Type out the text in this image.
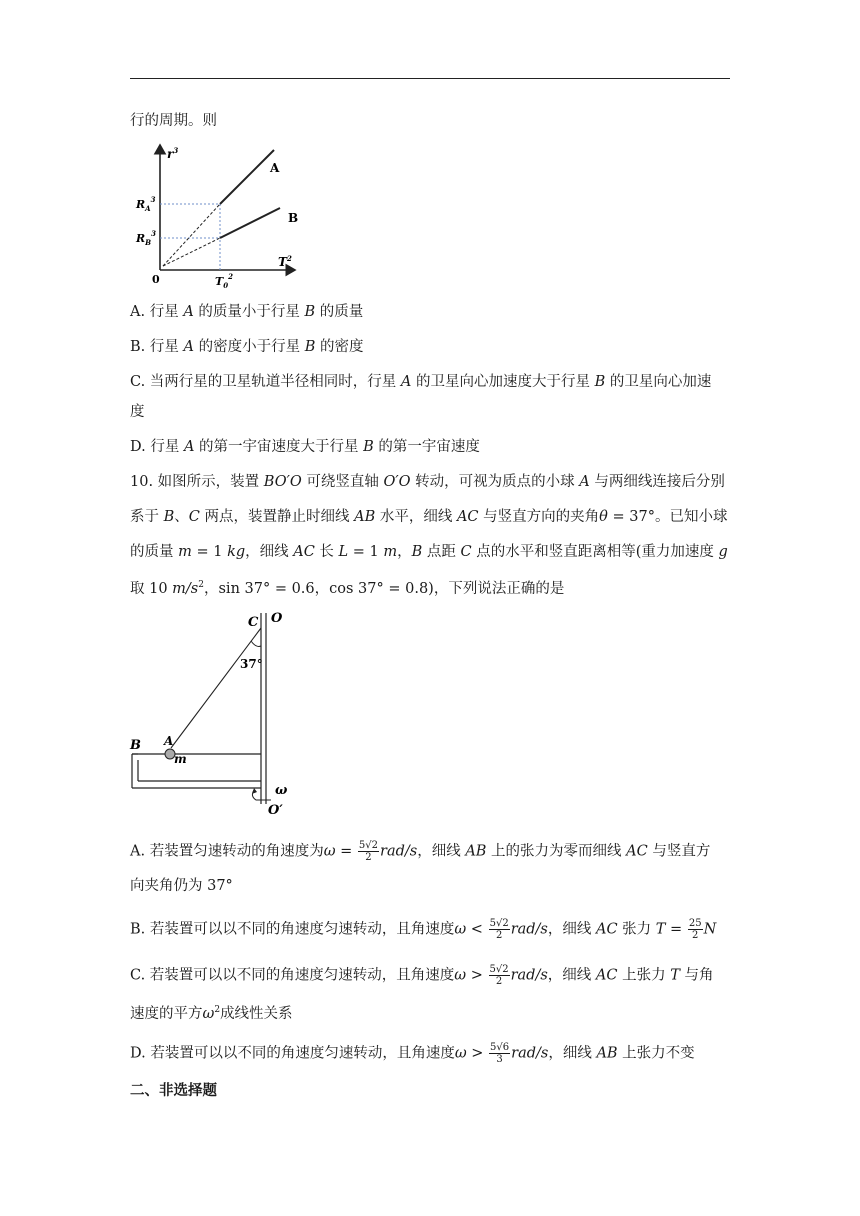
行的周期。则
$r^3$
$T^2$
0
$R_A^3$
$R_B^3$
$T_0^2$
A
B
A. 行星 A 的质量小于行星 B 的质量
B. 行星 A 的密度小于行星 B 的密度
C. 当两行星的卫星轨道半径相同时，行星 A 的卫星向心加速度大于行星 B 的卫星向心加速
度
D. 行星 A 的第一宇宙速度大于行星 B 的第一宇宙速度
10. 如图所示，装置 BO′O 可绕竖直轴 O′O 转动，可视为质点的小球 A 与两细线连接后分别
系于 B、C 两点，装置静止时细线 AB 水平，细线 AC 与竖直方向的夹角θ = 37°。已知小球
的质量 m = 1 kg，细线 AC 长 L = 1 m，B 点距 C 点的水平和竖直距离相等(重力加速度 g
取 10 $m/s^2$，sin 37° = 0.6，cos 37° = 0.8)，下列说法正确的是
C O
37°
B A
m
ω
O′
A. 若装置匀速转动的角速度为$\omega = \frac{5√2}{2} rad/s$，细线 AB 上的张力为零而细线 AC 与竖直方
向夹角仍为 37°
B. 若装置可以以不同的角速度匀速转动，且角速度$\omega < \frac{5√2}{2} rad/s$，细线 AC 张力 $T = \frac{25}{2}$ N
C. 若装置可以以不同的角速度匀速转动，且角速度$\omega > \frac{5√2}{2} rad/s$，细线 AC 上张力 T 与角
速度的平方$\omega^2$成线性关系
D. 若装置可以以不同的角速度匀速转动，且角速度$\omega > \frac{5√6}{3} rad/s$，细线 AB 上张力不变
二、非选择题
